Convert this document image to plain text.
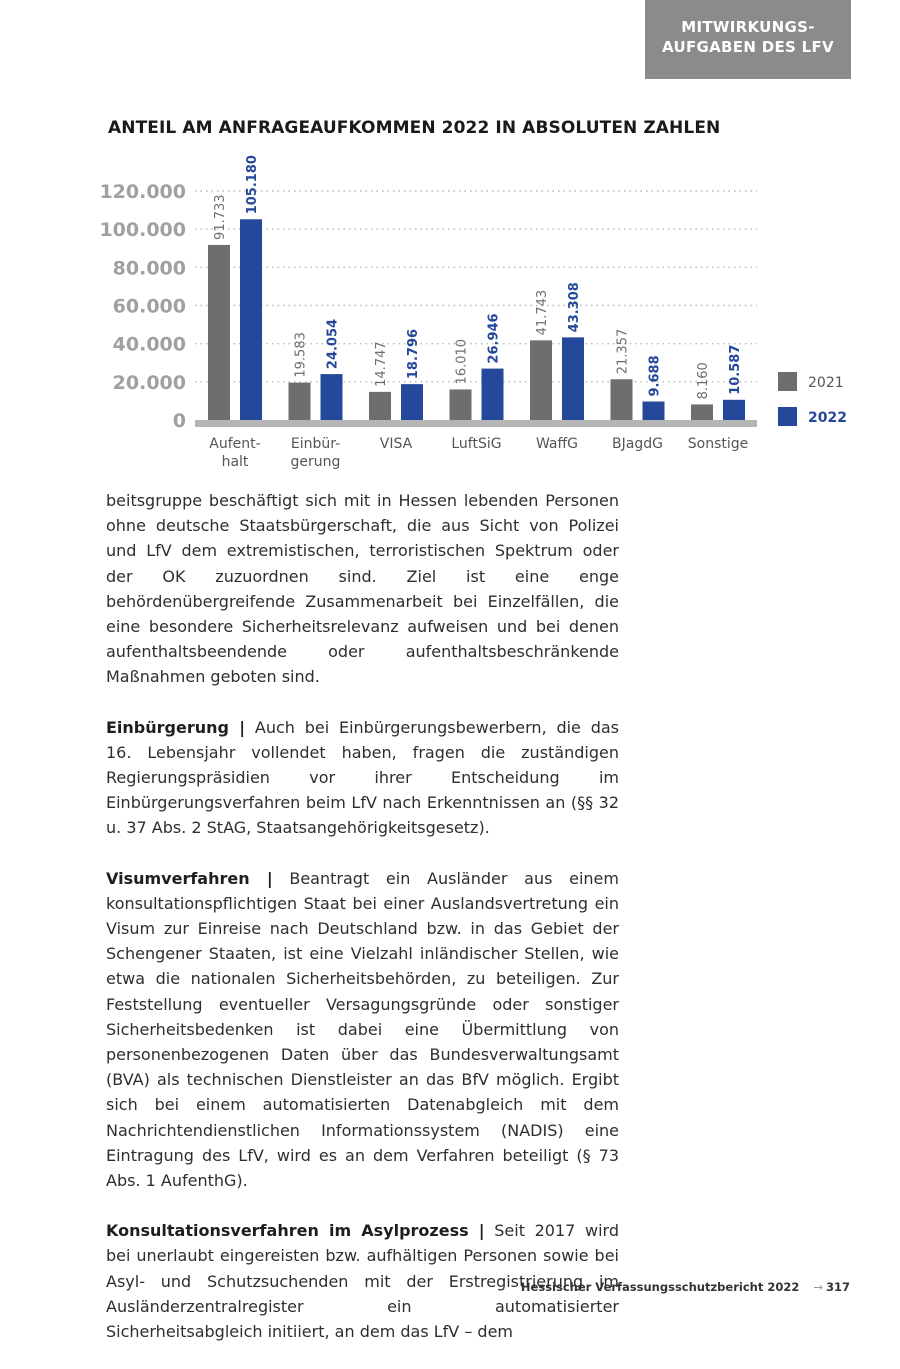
MITWIRKUNGS-
AUFGABEN DES LFV
ANTEIL AM ANFRAGEAUFKOMMEN 2022 IN ABSOLUTEN ZAHLEN
0
20.000
40.000
60.000
80.000
100.000
120.000
91.733
105.180
Aufent-
halt
19.583 24.054
Einbür-
gerung
14.747 18.796
VISA
16.010 26.946
LuftSiG
41.743 43.308
WaffG
21.357
9.688
BJagdG
8.160 10.587
Sonstige
2021
2022

beitsgruppe beschäftigt sich mit in Hessen lebenden Personen ohne deutsche Staatsbürgerschaft, die aus Sicht von Polizei und LfV dem extremistischen, terroristischen Spektrum oder der OK zuzuordnen sind. Ziel ist eine enge behördenübergreifende Zusammenarbeit bei Einzelfällen, die eine besondere Sicherheitsrelevanz aufweisen und bei denen aufenthaltsbeendende oder aufenthaltsbeschränkende Maßnahmen geboten sind.

Einbürgerung | Auch bei Einbürgerungsbewerbern, die das 16. Lebensjahr vollendet haben, fragen die zuständigen Regierungspräsidien vor ihrer Entscheidung im Einbürgerungsverfahren beim LfV nach Erkenntnissen an (§§ 32 u. 37 Abs. 2 StAG, Staatsangehörigkeitsgesetz).

Visumverfahren | Beantragt ein Ausländer aus einem konsultationspflichtigen Staat bei einer Auslandsvertretung ein Visum zur Einreise nach Deutschland bzw. in das Gebiet der Schengener Staaten, ist eine Vielzahl inländischer Stellen, wie etwa die nationalen Sicherheitsbehörden, zu beteiligen. Zur Feststellung eventueller Versagungsgründe oder sonstiger Sicherheitsbedenken ist dabei eine Übermittlung von personenbezogenen Daten über das Bundesverwaltungsamt (BVA) als technischen Dienstleister an das BfV möglich. Ergibt sich bei einem automatisierten Datenabgleich mit dem Nachrichtendienstlichen Informationssystem (NADIS) eine Eintragung des LfV, wird es an dem Verfahren beteiligt (§ 73 Abs. 1 AufenthG).

Konsultationsverfahren im Asylprozess | Seit 2017 wird bei unerlaubt eingereisten bzw. aufhältigen Personen sowie bei Asyl- und Schutzsuchenden mit der Erstregistrierung im Ausländerzentralregister ein automatisierter Sicherheitsabgleich initiiert, an dem das LfV – dem

Hessischer Verfassungsschutzbericht 2022 → 317
